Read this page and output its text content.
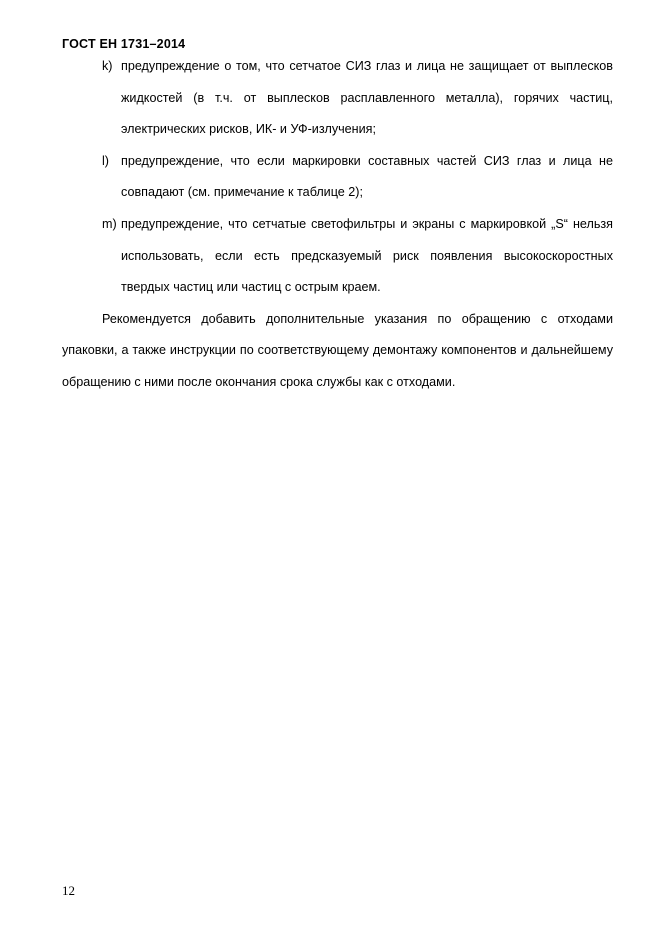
ГОСТ ЕН 1731–2014
k) предупреждение о том, что сетчатое СИЗ глаз и лица не защищает от выплесков жидкостей (в т.ч. от выплесков расплавленного металла), горячих частиц, электрических рисков, ИК- и УФ-излучения;
l) предупреждение, что если маркировки составных частей СИЗ глаз и лица не совпадают (см. примечание к таблице 2);
m) предупреждение, что сетчатые светофильтры и экраны с маркировкой „S“ нельзя использовать, если есть предсказуемый риск появления высокоскоростных твердых частиц или частиц с острым краем.

Рекомендуется добавить дополнительные указания по обращению с отходами упаковки, а также инструкции по соответствующему демонтажу компонентов и дальнейшему обращению с ними после окончания срока службы как с отходами.

12
